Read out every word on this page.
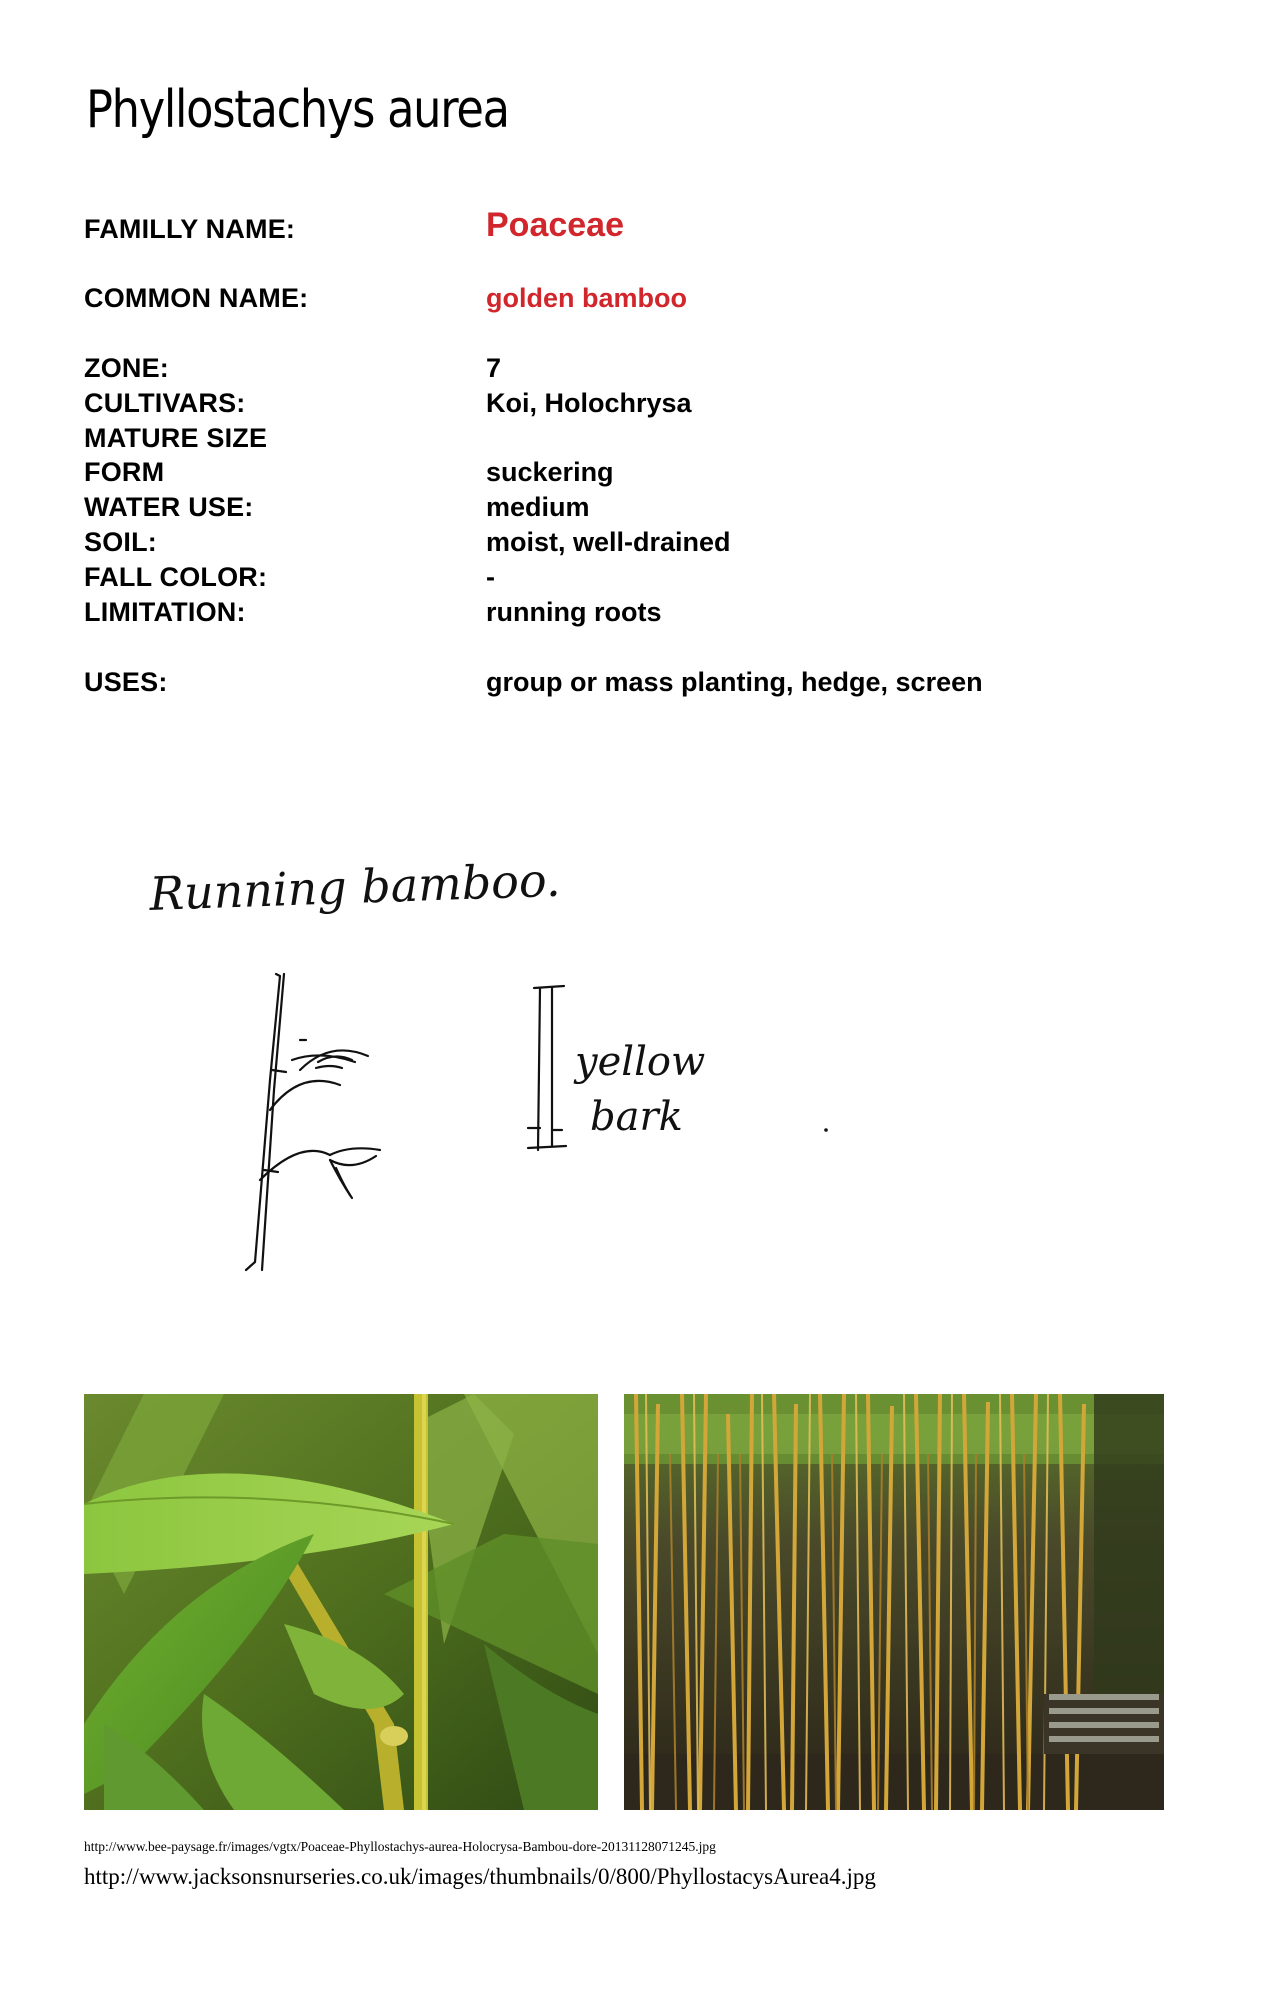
Phyllostachys aurea
FAMILLY NAME:	Poaceae
COMMON NAME:	golden bamboo
ZONE:	7
CULTIVARS:	Koi, Holochrysa
MATURE SIZE
FORM	suckering
WATER USE:	medium
SOIL:	moist, well-drained
FALL COLOR:	-
LIMITATION:	running roots
USES:	group or mass planting, hedge, screen
Running bamboo.
yellow
bark
http://www.bee-paysage.fr/images/vgtx/Poaceae-Phyllostachys-aurea-Holocrysa-Bambou-dore-20131128071245.jpg
http://www.jacksonsnurseries.co.uk/images/thumbnails/0/800/PhyllostacysAurea4.jpg
